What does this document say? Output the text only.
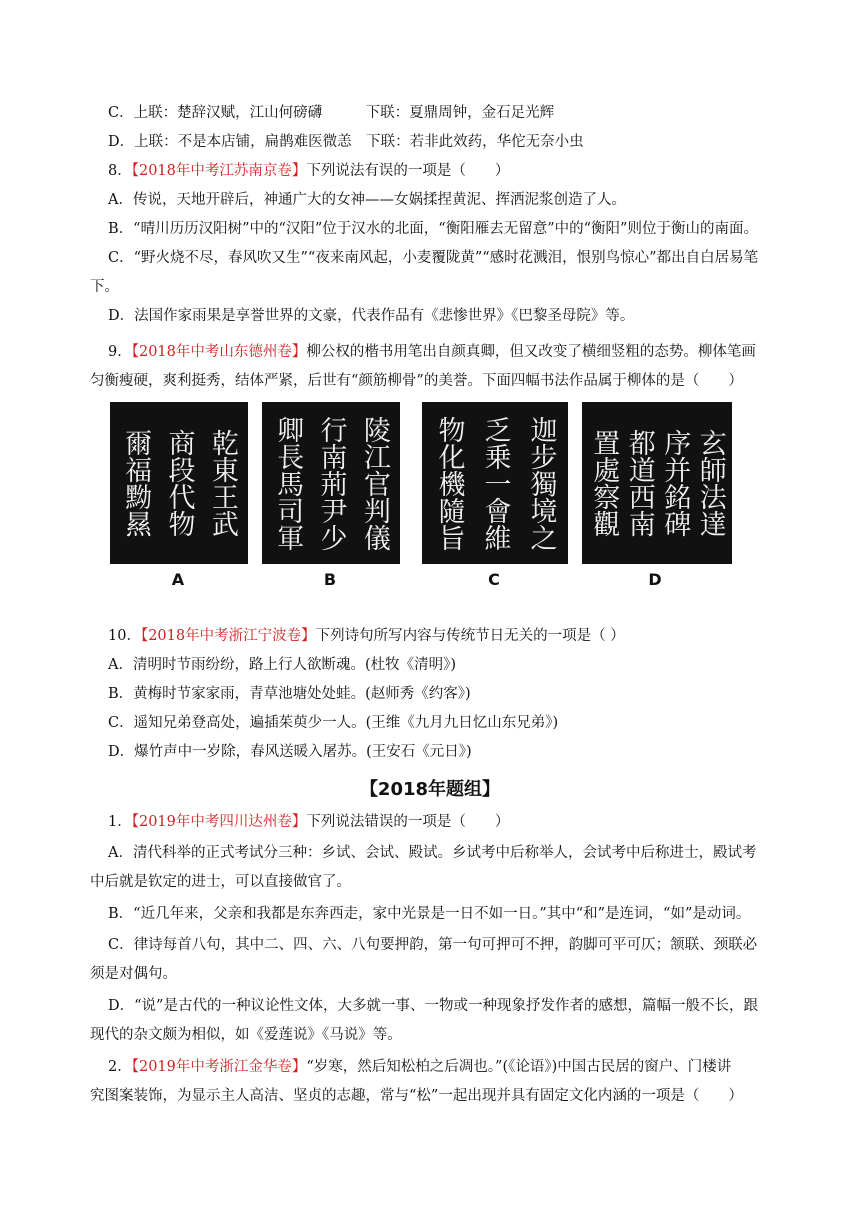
C．上联：楚辞汉赋，江山何磅礴　　　下联：夏鼎周钟，金石足光辉
D．上联：不是本店铺，扁鹊难医微恙　下联：若非此效药，华佗无奈小虫
8．【2018年中考江苏南京卷】下列说法有误的一项是（　　）
A．传说，天地开辟后，神通广大的女神——女娲揉捏黄泥、挥洒泥浆创造了人。
B．“晴川历历汉阳树”中的“汉阳”位于汉水的北面，“衡阳雁去无留意”中的“衡阳”则位于衡山的南面。
C．“野火烧不尽，春风吹又生”“夜来南风起，小麦覆陇黄”“感时花溅泪，恨别鸟惊心”都出自白居易笔
下。
D．法国作家雨果是享誉世界的文豪，代表作品有《悲惨世界》《巴黎圣母院》等。
9．【2018年中考山东德州卷】柳公权的楷书用笔出自颜真卿，但又改变了横细竖粗的态势。柳体笔画
匀衡瘦硬，爽利挺秀，结体严紧，后世有“颜筋柳骨”的美誉。下面四幅书法作品属于柳体的是（　　）
乾東王武
商段代物
爾福黝㬎
A
陵江官判儀
行南荊尹少
卿長馬司軍
B
迦步獨境之
乏乗一會維
物化機隨旨
C
玄師法達
序并銘碑
都道西南
置處察觀
D
10．【2018年中考浙江宁波卷】下列诗句所写内容与传统节日无关的一项是（ ）
A．清明时节雨纷纷，路上行人欲断魂。(杜牧《清明》)
B．黄梅时节家家雨，青草池塘处处蛙。(赵师秀《约客》)
C．遥知兄弟登高处，遍插茱萸少一人。(王维《九月九日忆山东兄弟》)
D．爆竹声中一岁除，春风送暖入屠苏。(王安石《元日》)
【2018年题组】
1．【2019年中考四川达州卷】下列说法错误的一项是（　　）
A．清代科举的正式考试分三种：乡试、会试、殿试。乡试考中后称举人，会试考中后称进士，殿试考
中后就是钦定的进士，可以直接做官了。
B．“近几年来，父亲和我都是东奔西走，家中光景是一日不如一日。”其中“和”是连词，“如”是动词。
C．律诗每首八句，其中二、四、六、八句要押韵，第一句可押可不押，韵脚可平可仄；颔联、颈联必
须是对偶句。
D．“说”是古代的一种议论性文体，大多就一事、一物或一种现象抒发作者的感想，篇幅一般不长，跟
现代的杂文颇为相似，如《爱莲说》《马说》等。
2．【2019年中考浙江金华卷】“岁寒，然后知松柏之后凋也。”(《论语》)中国古民居的窗户、门楼讲
究图案装饰，为显示主人高洁、坚贞的志趣，常与“松”一起出现并具有固定文化内涵的一项是（　　）
